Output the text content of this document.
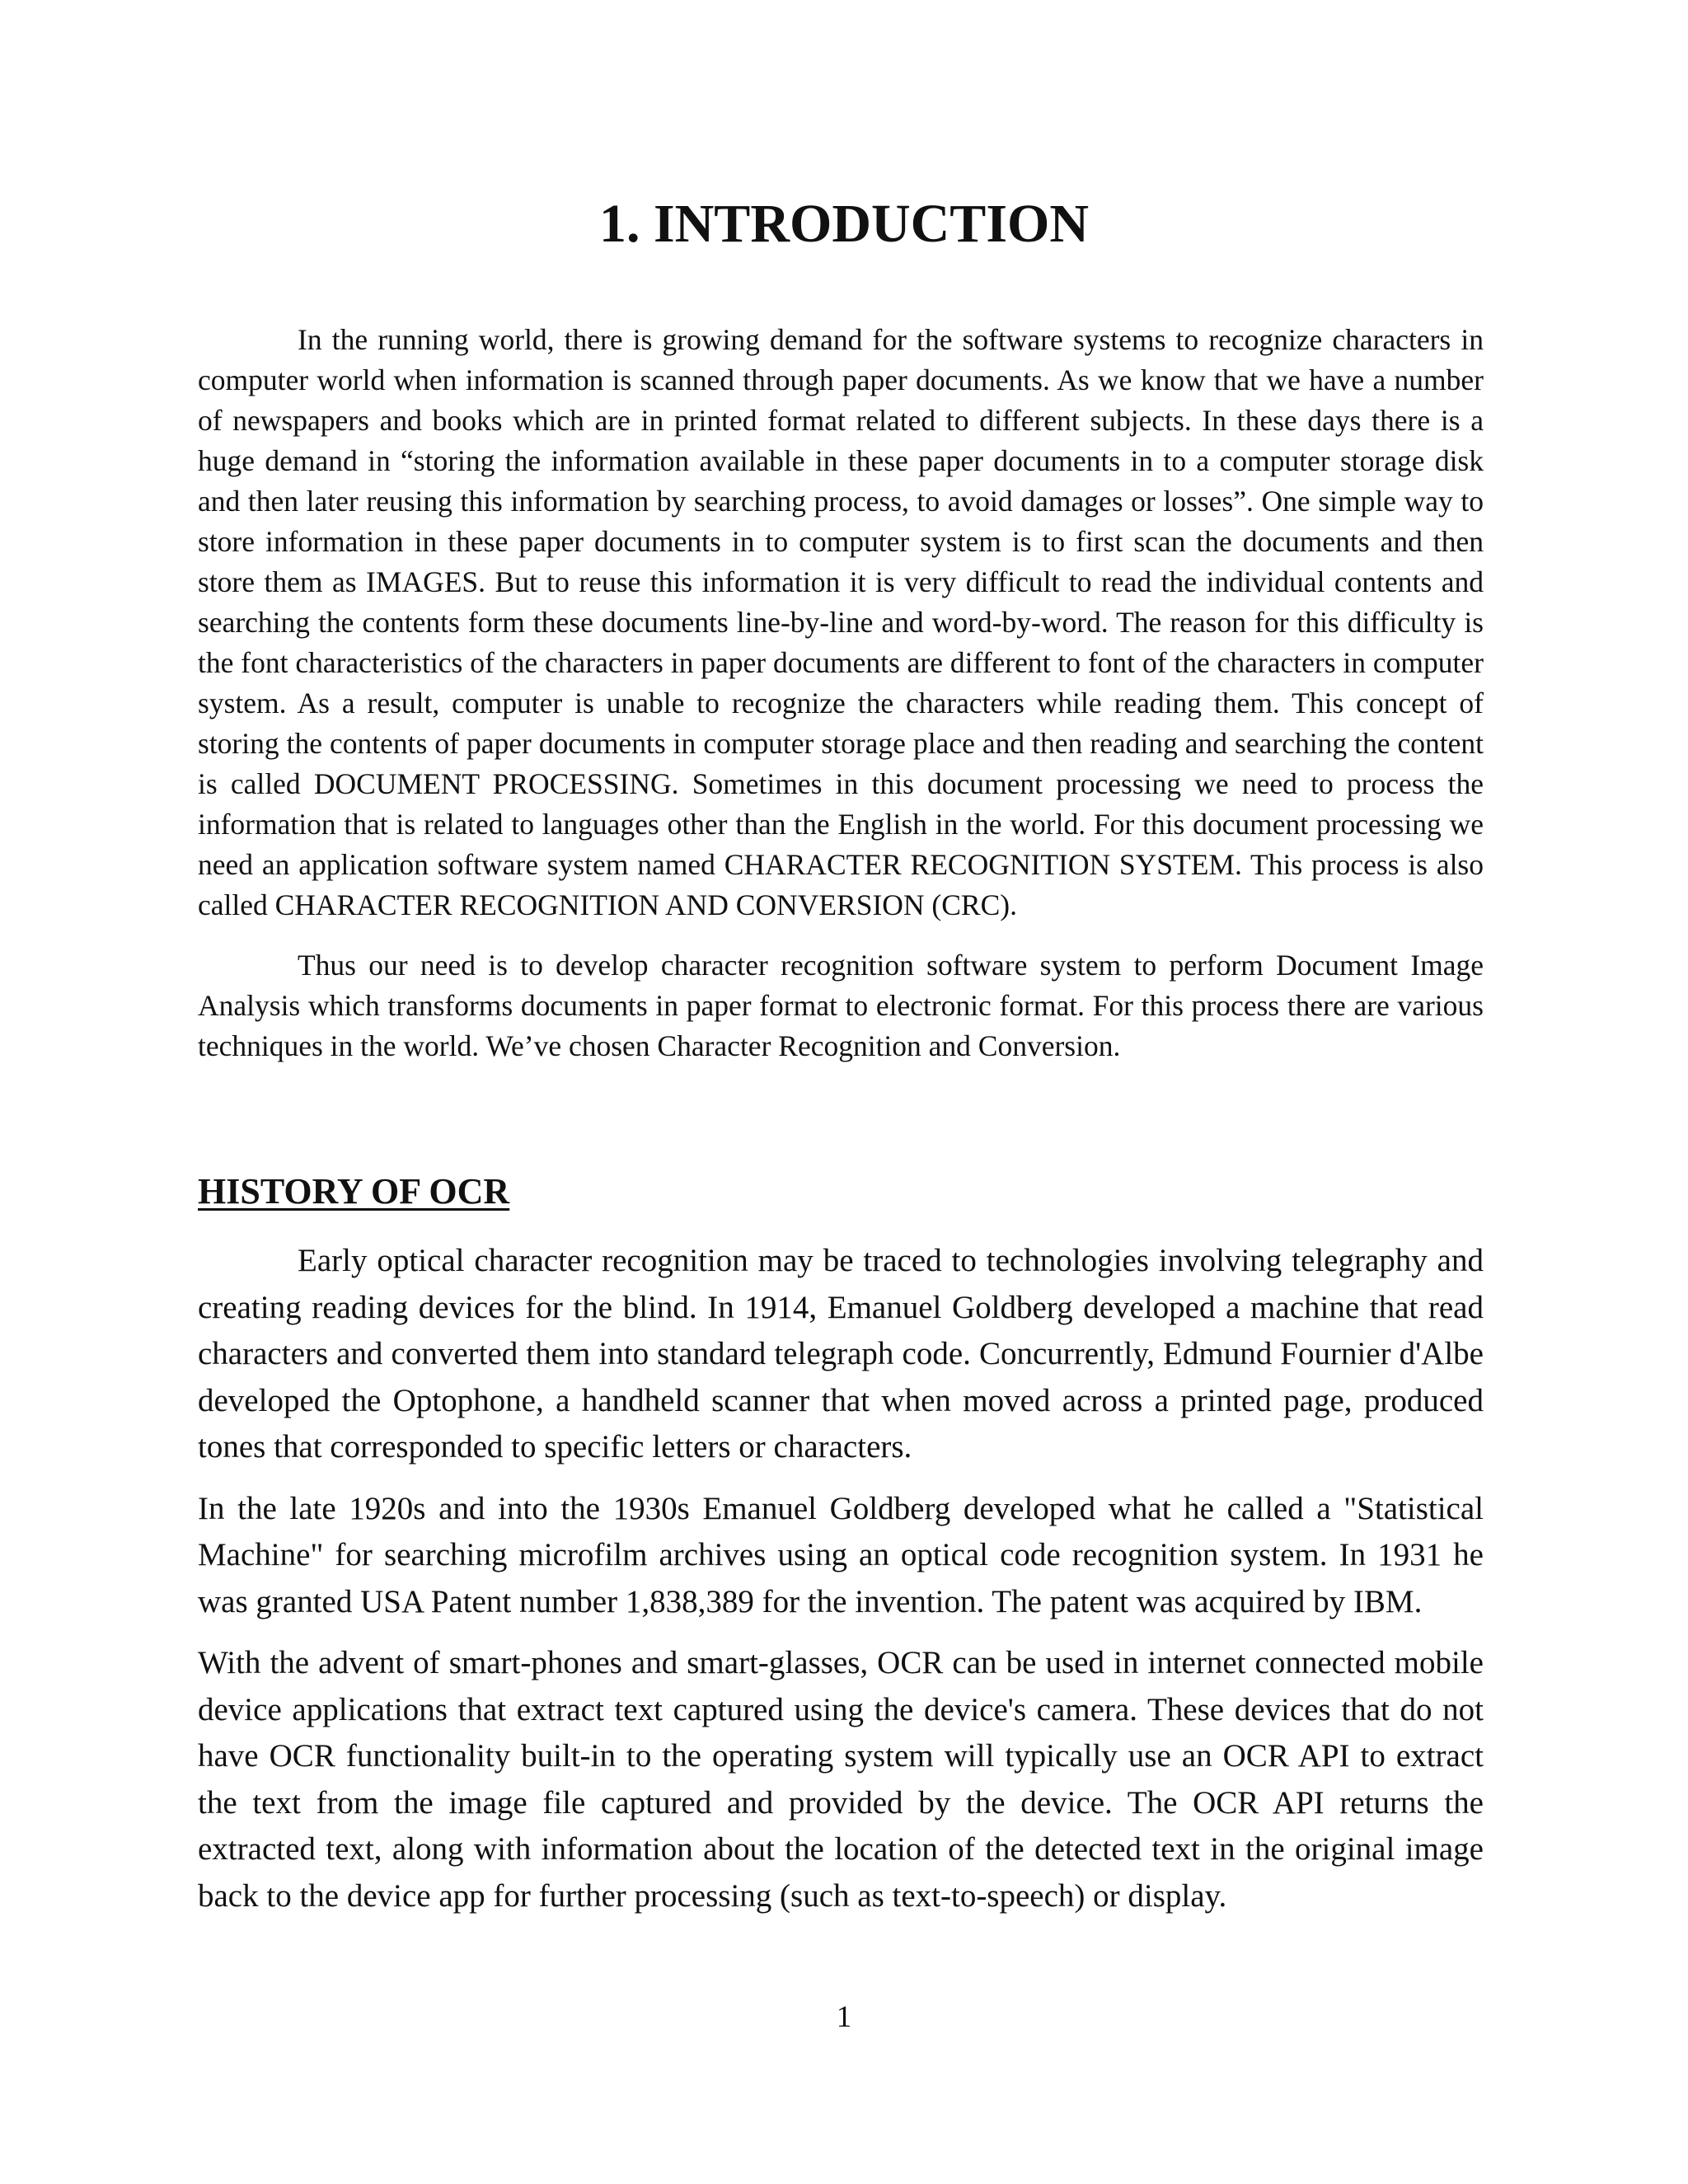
1. INTRODUCTION

In the running world, there is growing demand for the software systems to recognize characters in computer world when information is scanned through paper documents. As we know that we have a number of newspapers and books which are in printed format related to different subjects. In these days there is a huge demand in “storing the information available in these paper documents in to a computer storage disk and then later reusing this information by searching process, to avoid damages or losses”. One simple way to store information in these paper documents in to computer system is to first scan the documents and then store them as IMAGES. But to reuse this information it is very difficult to read the individual contents and searching the contents form these documents line-by-line and word-by-word. The reason for this difficulty is the font characteristics of the characters in paper documents are different to font of the characters in computer system. As a result, computer is unable to recognize the characters while reading them. This concept of storing the contents of paper documents in computer storage place and then reading and searching the content is called DOCUMENT PROCESSING. Sometimes in this document processing we need to process the information that is related to languages other than the English in the world. For this document processing we need an application software system named CHARACTER RECOGNITION SYSTEM. This process is also called CHARACTER RECOGNITION AND CONVERSION (CRC).

Thus our need is to develop character recognition software system to perform Document Image Analysis which transforms documents in paper format to electronic format. For this process there are various techniques in the world. We’ve chosen Character Recognition and Conversion.

HISTORY OF OCR

Early optical character recognition may be traced to technologies involving telegraphy and creating reading devices for the blind. In 1914, Emanuel Goldberg developed a machine that read characters and converted them into standard telegraph code. Concurrently, Edmund Fournier d'Albe developed the Optophone, a handheld scanner that when moved across a printed page, produced tones that corresponded to specific letters or characters.

In the late 1920s and into the 1930s Emanuel Goldberg developed what he called a "Statistical Machine" for searching microfilm archives using an optical code recognition system. In 1931 he was granted USA Patent number 1,838,389 for the invention. The patent was acquired by IBM.

With the advent of smart-phones and smart-glasses, OCR can be used in internet connected mobile device applications that extract text captured using the device's camera. These devices that do not have OCR functionality built-in to the operating system will typically use an OCR API to extract the text from the image file captured and provided by the device. The OCR API returns the extracted text, along with information about the location of the detected text in the original image back to the device app for further processing (such as text-to-speech) or display.

1
